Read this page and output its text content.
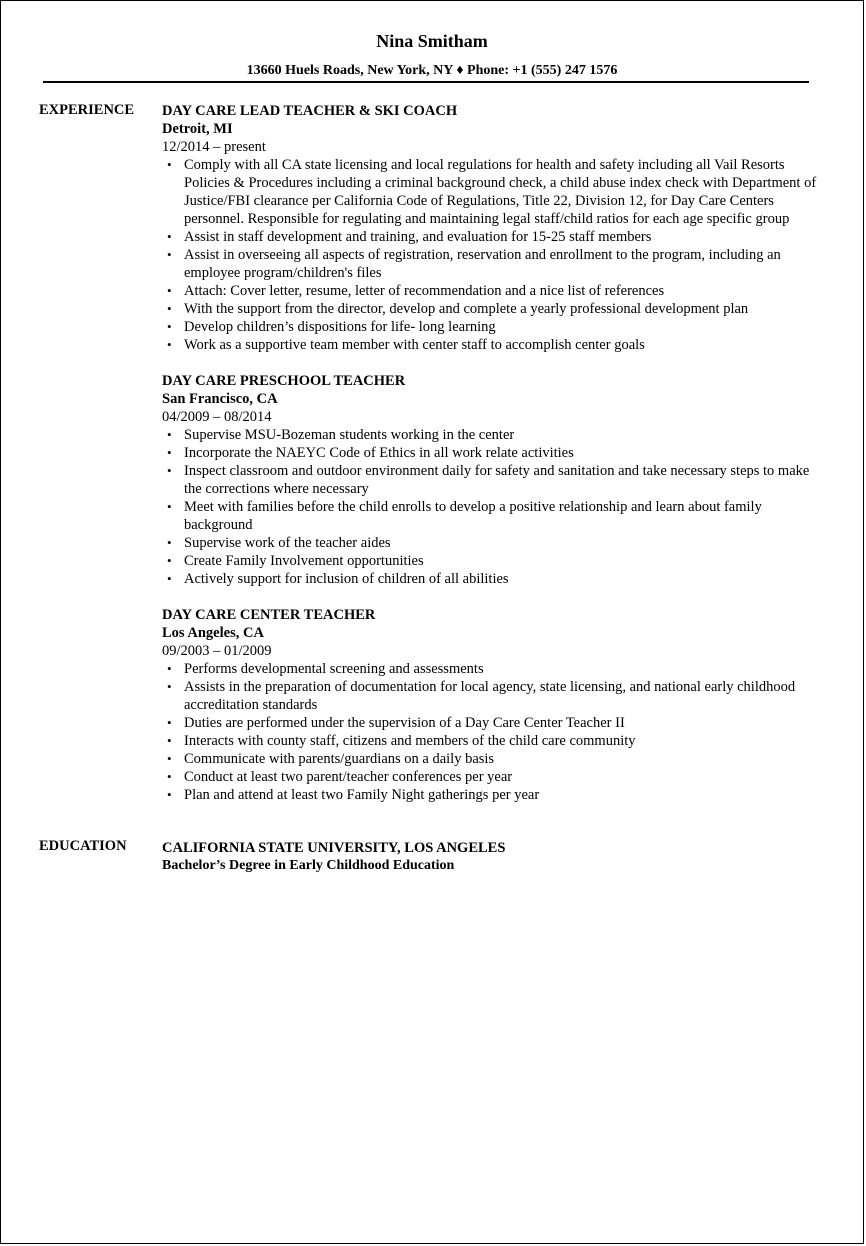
Nina Smitham
13660 Huels Roads, New York, NY ♦ Phone: +1 (555) 247 1576
EXPERIENCE DAY CARE LEAD TEACHER & SKI COACH
Detroit, MI
12/2014 – present
• Comply with all CA state licensing and local regulations for health and safety including all Vail Resorts Policies & Procedures including a criminal background check, a child abuse index check with Department of Justice/FBI clearance per California Code of Regulations, Title 22, Division 12, for Day Care Centers personnel. Responsible for regulating and maintaining legal staff/child ratios for each age specific group
• Assist in staff development and training, and evaluation for 15-25 staff members
• Assist in overseeing all aspects of registration, reservation and enrollment to the program, including an employee program/children's files
• Attach: Cover letter, resume, letter of recommendation and a nice list of references
• With the support from the director, develop and complete a yearly professional development plan
• Develop children’s dispositions for life- long learning
• Work as a supportive team member with center staff to accomplish center goals
DAY CARE PRESCHOOL TEACHER
San Francisco, CA
04/2009 – 08/2014
• Supervise MSU-Bozeman students working in the center
• Incorporate the NAEYC Code of Ethics in all work relate activities
• Inspect classroom and outdoor environment daily for safety and sanitation and take necessary steps to make the corrections where necessary
• Meet with families before the child enrolls to develop a positive relationship and learn about family background
• Supervise work of the teacher aides
• Create Family Involvement opportunities
• Actively support for inclusion of children of all abilities
DAY CARE CENTER TEACHER
Los Angeles, CA
09/2003 – 01/2009
• Performs developmental screening and assessments
• Assists in the preparation of documentation for local agency, state licensing, and national early childhood accreditation standards
• Duties are performed under the supervision of a Day Care Center Teacher II
• Interacts with county staff, citizens and members of the child care community
• Communicate with parents/guardians on a daily basis
• Conduct at least two parent/teacher conferences per year
• Plan and attend at least two Family Night gatherings per year
EDUCATION CALIFORNIA STATE UNIVERSITY, LOS ANGELES
Bachelor’s Degree in Early Childhood Education
